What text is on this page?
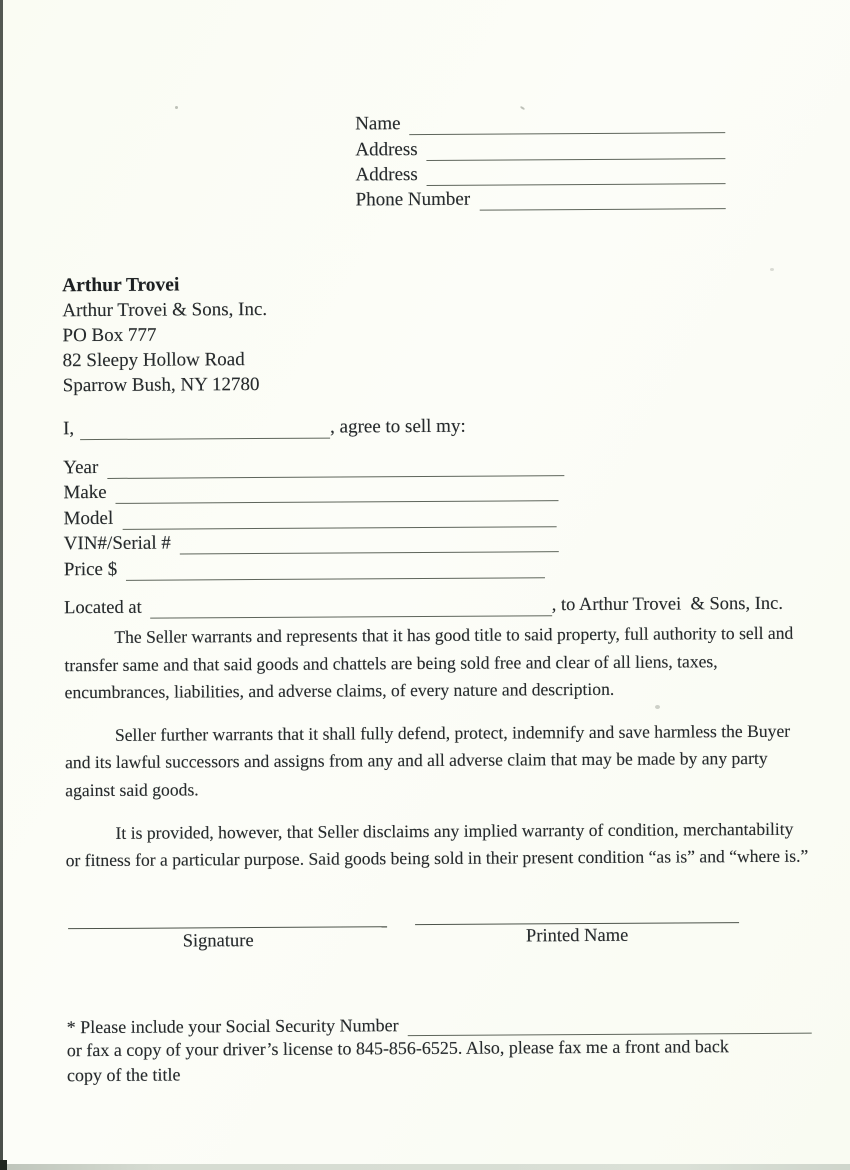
Name
Address
Address
Phone Number
Arthur Trovei
Arthur Trovei & Sons, Inc.
PO Box 777
82 Sleepy Hollow Road
Sparrow Bush, NY 12780
I,	, agree to sell my:
Year
Make
Model
VIN#/Serial #
Price $
Located at	, to Arthur Trovei  & Sons, Inc.

The Seller warrants and represents that it has good title to said property, full authority to sell and transfer same and that said goods and chattels are being sold free and clear of all liens, taxes, encumbrances, liabilities, and adverse claims, of every nature and description.

Seller further warrants that it shall fully defend, protect, indemnify and save harmless the Buyer and its lawful successors and assigns from any and all adverse claim that may be made by any party against said goods.

It is provided, however, that Seller disclaims any implied warranty of condition, merchantability or fitness for a particular purpose. Said goods being sold in their present condition “as is” and “where is.”

Signature	Printed Name
* Please include your Social Security Number
or fax a copy of your driver’s license to 845-856-6525. Also, please fax me a front and back
copy of the title
